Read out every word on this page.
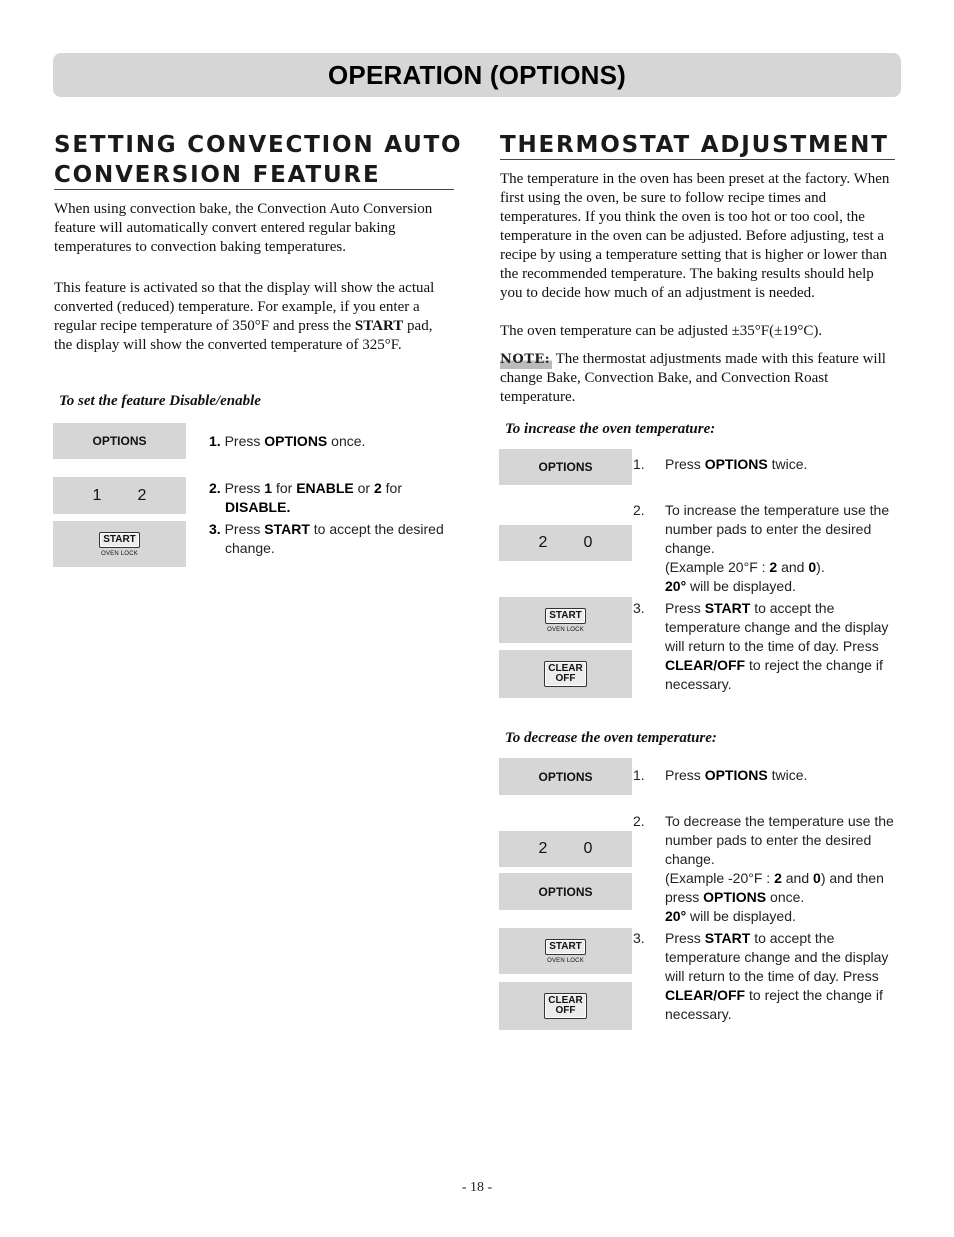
OPERATION (OPTIONS)
SETTING CONVECTION AUTO
CONVERSION FEATURE

When using convection bake, the Convection Auto Conversion feature will automatically convert entered regular baking temperatures to convection baking temperatures.

This feature is activated so that the display will show the actual converted (reduced) temperature. For example, if you enter a regular recipe temperature of 350°F and press the START pad, the display will show the converted temperature of 325°F.

To set the feature Disable/enable

OPTIONS
1 2
START
OVEN LOCK

1. Press OPTIONS once.

2. Press 1 for ENABLE or 2 for DISABLE.

3. Press START to accept the desired change.

THERMOSTAT ADJUSTMENT

The temperature in the oven has been preset at the factory. When first using the oven, be sure to follow recipe times and temperatures. If you think the oven is too hot or too cool, the temperature in the oven can be adjusted. Before adjusting, test a recipe by using a temperature setting that is higher or lower than the recommended temperature. The baking results should help you to decide how much of an adjustment is needed.

The oven temperature can be adjusted ±35°F(±19°C).

NOTE: The thermostat adjustments made with this feature will change Bake, Convection Bake, and Convection Roast temperature.

To increase the oven temperature:

OPTIONS
2 0
START
OVEN LOCK
CLEAR
OFF

1. Press OPTIONS twice.

2. To increase the temperature use the number pads to enter the desired change.
(Example 20°F : 2 and 0).
20° will be displayed.

3. Press START to accept the temperature change and the display will return to the time of day. Press CLEAR/OFF to reject the change if necessary.

To decrease the oven temperature:

OPTIONS
2 0
OPTIONS
START
OVEN LOCK
CLEAR
OFF

1. Press OPTIONS twice.

2. To decrease the temperature use the number pads to enter the desired change.
(Example -20°F : 2 and 0) and then press OPTIONS once.
20° will be displayed.

3. Press START to accept the temperature change and the display will return to the time of day. Press CLEAR/OFF to reject the change if necessary.

- 18 -
